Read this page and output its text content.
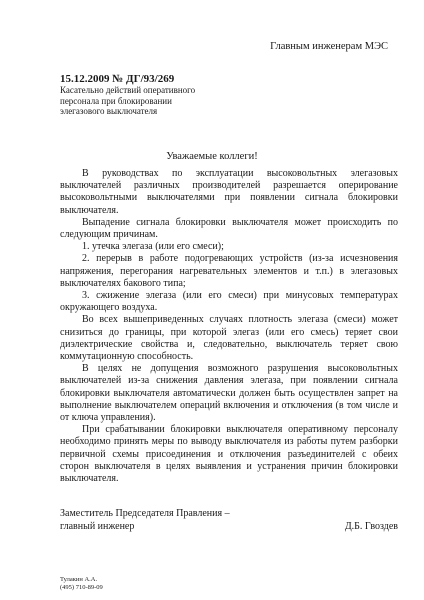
Главным инженерам МЭС
15.12.2009 № ДГ/93/269
Касательно действий оперативного
персонала при блокировании
элегазового выключателя
Уважаемые коллеги!

В руководствах по эксплуатации высоковольтных элегазовых выключателей различных производителей разрешается оперирование высоковольтными выключателями при появлении сигнала блокировки выключателя.

Выпадение сигнала блокировки выключателя может происходить по следующим причинам.

1. утечка элегаза (или его смеси);

2. перерыв в работе подогревающих устройств (из-за исчезновения напряжения, перегорания нагревательных элементов и т.п.) в элегазовых выключателях бакового типа;

3. сжижение элегаза (или его смеси) при минусовых температурах окружающего воздуха.

Во всех вышеприведенных случаях плотность элегаза (смеси) может снизиться до границы, при которой элегаз (или его смесь) теряет свои диэлектрические свойства и, следовательно, выключатель теряет свою коммутационную способность.

В целях не допущения возможного разрушения высоковольтных выключателей из-за снижения давления элегаза, при появлении сигнала блокировки выключателя автоматически должен быть осуществлен запрет на выполнение выключателем операций включения и отключения (в том числе и от ключа управления).

При срабатывании блокировки выключателя оперативному персоналу необходимо принять меры по выводу выключателя из работы путем разборки первичной схемы присоединения и отключения разъединителей с обеих сторон выключателя в целях выявления и устранения причин блокировки выключателя.

Заместитель Председателя Правления –
главный инженер	Д.Б. Гвоздев
Тулакин А.А.
(495) 710-89-09
